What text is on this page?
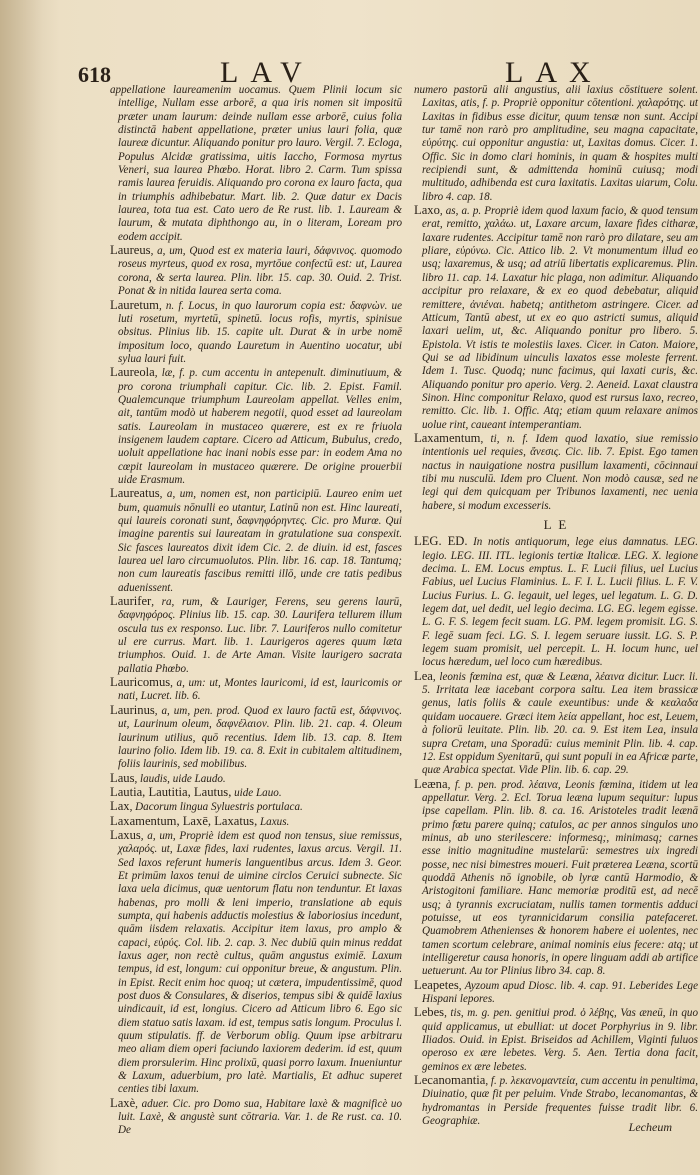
618	LAV	LAX
appellatione laureamenim uocamus. Quem Plinii locum sic intellige, Nullam esse arborē, a qua iris nomen sit impositū præter unam laurum: deinde nullam esse arborē, cuius folia distinctā habent appellatione, præter unius lauri folia, quæ laureæ dicuntur. Aliquando ponitur pro lauro. Vergil. 7. Ecloga, Populus Alcidæ gratissima, uitis Iaccho, Formosa myrtus Veneri, sua laurea Phœbo. Horat. libro 2. Carm. Tum spissa ramis laurea feruidis. Aliquando pro corona ex lauro facta, qua in triumphis adhibebatur. Mart. lib. 2. Quæ datur ex Dacis laurea, tota tua est. Cato uero de Re rust. lib. 1. Lauream & laurum, & mutata diphthongo au, in o literam, Loream pro eodem accipit.
Laureus, a, um, Quod est ex materia lauri, δάφνινος. quomodo roseus myrteus, quod ex rosa, myrtōue confectū est: ut, Laurea corona, & serta laurea. Plin. libr. 15. cap. 30. Ouid. 2. Trist. Ponat & in nitida laurea serta coma.
Lauretum, n. f. Locus, in quo laurorum copia est: δαφνὼν. ue luti rosetum, myrtetū, spinetū. locus rofis, myrtis, spinisue obsitus. Plinius lib. 15. capite ult. Durat & in urbe nomē impositum loco, quando Lauretum in Auentino uocatur, ubi sylua lauri fuit.
Laureola, læ, f. p. cum accentu in antepenult. diminutiuum, & pro corona triumphali capitur. Cic. lib. 2. Epist. Famil. Qualemcunque triumphum Laureolam appellat. Velles enim, ait, tantūm modò ut haberem negotii, quod esset ad laureolam satis. Laureolam in mustaceo quærere, est ex re friuola insigenem laudem captare. Cicero ad Atticum, Bubulus, credo, uoluit appellatione hac inani nobis esse par: in eodem Ama no cœpit laureolam in mustaceo quærere. De origine prouerbii uide Erasmum.
Laureatus, a, um, nomen est, non participiū. Laureo enim uet bum, quamuis nōnulli eo utantur, Latinū non est. Hinc laureati, qui laureis coronati sunt, δαφνηφόρηντες. Cic. pro Murœ. Qui imagine parentis sui laureatam in gratulatione sua conspexit. Sic fasces laureatos dixit idem Cic. 2. de diuin. id est, fasces laurea uel laro circumuolutos. Plin. libr. 16. cap. 18. Tantumq; non cum laureatis fascibus remitti illō, unde cre tatis pedibus aduenissent.
Laurifer, ra, rum, & Lauriger, Ferens, seu gerens laurū, δαφνηφόρος. Plinius lib. 15. cap. 30. Laurifera tellurem illum oscula tus ex responso. Luc. libr. 7. Lauriferos nullo comitetur ul ere currus. Mart. lib. 1. Laurigeros ageres quum læta triumphos. Ouid. 1. de Arte Aman. Visite laurigero sacrata pallatia Phœbo.
Lauricomus, a, um: ut, Montes lauricomi, id est, lauricomis or nati, Lucret. lib. 6.
Laurinus, a, um, pen. prod. Quod ex lauro factū est, δάφνινος. ut, Laurinum oleum, δαφνέλαιον. Plin. lib. 21. cap. 4. Oleum laurinum utilius, quō recentius. Idem lib. 13. cap. 8. Item laurino folio. Idem lib. 19. ca. 8. Exit in cubitalem altitudinem, foliis laurinis, sed mobilibus.
Laus, laudis, uide Laudo.
Lautia, Lautitia, Lautus, uide Lauo.
Lax, Dacorum lingua Syluestris portulaca.
Laxamentum, Laxē, Laxatus, Laxus.
Laxus, a, um, Propriè idem est quod non tensus, siue remissus, χαλαρός. ut, Laxæ fides, laxi rudentes, laxus arcus. Vergil. 11. Sed laxos referunt humeris languentibus arcus. Idem 3. Geor. Et primūm laxos tenui de uimine circlos Ceruici subnecte. Sic laxa uela dicimus, quæ uentorum flatu non tenduntur. Et laxas habenas, pro molli & leni imperio, translatione ab equis sumpta, qui habenis adductis molestius & laboriosius incedunt, quām iisdem relaxatis. Accipitur item laxus, pro amplo & capaci, εὐρύς. Col. lib. 2. cap. 3. Nec dubiū quin minus reddat laxus ager, non rectè cultus, quām angustus eximiē. Laxum tempus, id est, longum: cui opponitur breue, & angustum. Plin. in Epist. Recit enim hoc quoq; ut cætera, impudentissimē, quod post duos & Consulares, & diserios, tempus sibi & quidē laxius uindicauit, id est, longius. Cicero ad Atticum libro 6. Ego sic diem statuo satis laxam. id est, tempus satis longum. Proculus l. quum stipulatis. ff. de Verborum oblig. Quum ipse arbitraru meo aliam diem operi faciundo laxiorem dederim. id est, quum diem prorsulerim. Hinc prolixū, quasi porro laxum. Inueniuntur & Laxum, aduerbium, pro latè. Martialis, Et adhuc superet centies tibi laxum.
Laxè, aduer. Cic. pro Domo sua, Habitare laxè & magnificè uo luit. Laxè, & angustè sunt cōtraria. Var. 1. de Re rust. ca. 10. De
numero pastorū alii angustius, alii laxius cōstituere solent. Laxitas, atis, f. p. Propriè opponitur cōtentioni. χαλαρότης. ut Laxitas in fidibus esse dicitur, quum tensæ non sunt. Accipi tur tamē non rarò pro amplitudine, seu magna capacitate, εὐρύτης. cui opponitur angustia: ut, Laxitas domus. Cicer. 1. Offic. Sic in domo clari hominis, in quam & hospites multi recipiendi sunt, & admittenda hominū cuiusq; modi multitudo, adhibenda est cura laxitatis. Laxitas uiarum, Colu. libro 4. cap. 18.
Laxo, as, a. p. Propriè idem quod laxum facio, & quod tensum erat, remitto, χαλάω. ut, Laxare arcum, laxare fides citharæ, laxare rudentes. Accipitur tamē non rarò pro dilatare, seu am pliare, εὐρύνω. Cic. Attico lib. 2. Vt monumentum illud eo usq; laxaremus, & usq; ad atriū libertatis explicaremus. Plin. libro 11. cap. 14. Laxatur hic plaga, non adimitur. Aliquando accipitur pro relaxare, & ex eo quod debebatur, aliquid remittere, ἀνιέναι. habetq; antithetom astringere. Cicer. ad Atticum, Tantū abest, ut ex eo quo astricti sumus, aliquid laxari uelim, ut, &c. Aliquando ponitur pro libero. 5. Epistola. Vt istis te molestiis laxes. Cicer. in Caton. Maiore, Qui se ad libidinum uinculis laxatos esse moleste ferrent. Idem 1. Tusc. Quodq; nunc facimus, qui laxati curis, &c. Aliquando ponitur pro aperio. Verg. 2. Aeneid. Laxat claustra Sinon. Hinc componitur Relaxo, quod est rursus laxo, recreo, remitto. Cic. lib. 1. Offic. Atq; etiam quum relaxare animos uolue rint, caueant intemperantiam.
Laxamentum, ti, n. f. Idem quod laxatio, siue remissio intentionis uel requies, ἄνεσις. Cic. lib. 7. Epist. Ego tamen nactus in nauigatione nostra pusillum laxamenti, cōcinnaui tibi mu nusculū. Idem pro Cluent. Non modò causæ, sed ne legi qui dem quicquam per Tribunos laxamenti, nec uenia habere, si modum excesseris.
L E
LEG. ED. In notis antiquorum, lege eius damnatus. LEG. legio. LEG. III. ITL. legionis tertiæ Italicæ. LEG. X. legione decima. L. EM. Locus emptus. L. F. Lucii filius, uel Lucius Fabius, uel Lucius Flaminius. L. F. I. L. Lucii filius. L. F. V. Lucius Furius. L. G. legauit, uel leges, uel legatum. L. G. D. legem dat, uel dedit, uel legio decima. LG. EG. legem egisse. L. G. F. S. legem fecit suam. LG. PM. legem promisit. LG. S. F. legē suam feci. LG. S. I. legem seruare iussit. LG. S. P. legem suam promisit, uel percepit. L. H. locum hunc, uel locus hæredum, uel loco cum hæredibus.
Lea, leonis fœmina est, quæ & Leæna, λέαινα dicitur. Lucr. li. 5. Irritata leæ iacebant corpora saltu. Lea item brassicæ genus, latis foliis & caule exeuntibus: unde & κεαλαδα quidam uocauere. Græci item λεία appellant, hoc est, Leuem, à foliorū leuitate. Plin. lib. 20. ca. 9. Est item Lea, insula supra Cretam, una Sporadū: cuius meminit Plin. lib. 4. cap. 12. Est oppidum Syenitarū, qui sunt populi in ea Africæ parte, quæ Arabica spectat. Vide Plin. lib. 6. cap. 29.
Leæna, f. p. pen. prod. λέαινα, Leonis fœmina, itidem ut lea appellatur. Verg. 2. Ecl. Torua leæna lupum sequitur: lupus ipse capellam. Plin. lib. 8. ca. 16. Aristoteles tradit leænā primo fœtu parere quinq; catulos, ac per annos singulos uno minus, ab uno sterilescere: informesq;, minimasq; carnes esse initio magnitudine mustelarū: semestres uix ingredi posse, nec nisi bimestres moueri. Fuit præterea Leæna, scortū quoddā Athenis nō ignobile, ob lyræ cantū Harmodio, & Aristogitoni familiare. Hanc memoriæ proditū est, ad necē usq; à tyrannis excruciatam, nullis tamen tormentis adduci potuisse, ut eos tyrannicidarum consilia patefaceret. Quamobrem Athenienses & honorem habere ei uolentes, nec tamen scortum celebrare, animal nominis eius fecere: atq; ut intelligeretur causa honoris, in opere linguam addi ab artifice uetuerunt. Au tor Plinius libro 34. cap. 8.
Leapetes, Ayzoum apud Diosc. lib. 4. cap. 91. Leberides Lege Hispani lepores.
Lebes, tis, m. g. pen. genitiui prod. ὁ λέβης, Vas æneū, in quo quid applicamus, ut ebulliat: ut docet Porphyrius in 9. libr. Iliados. Ouid. in Epist. Briseidos ad Achillem, Viginti fuluos operoso ex ære lebetes. Verg. 5. Aen. Tertia dona facit, geminos ex ære lebetes.
Lecanomantia, f. p. λεκανομαντεία, cum accentu in penultima, Diuinatio, quæ fit per peluim. Vnde Strabo, lecanomantas, & hydromantas in Perside frequentes fuisse tradit libr. 6. Geographiæ.	Lecheum
